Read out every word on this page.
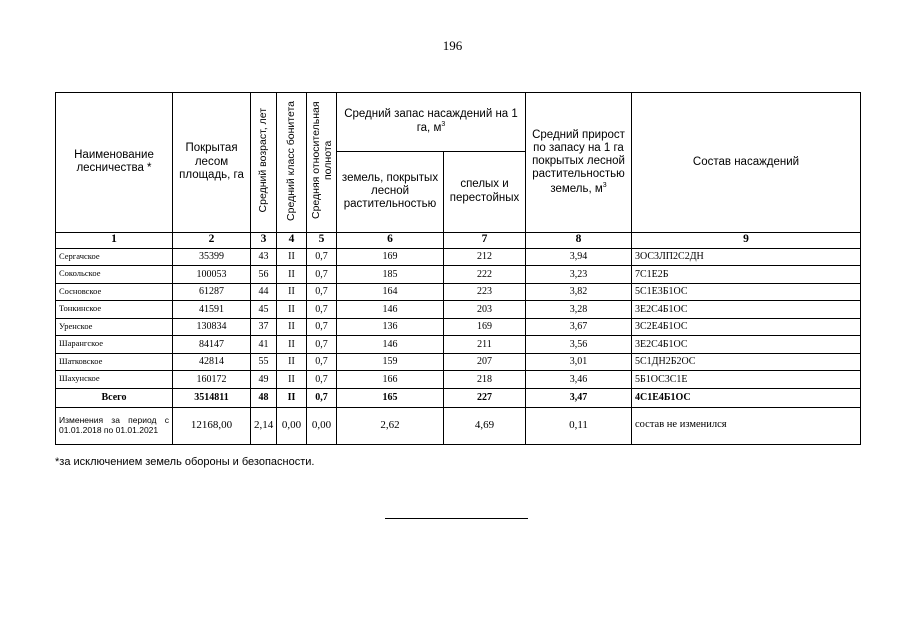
196
Наименование лесничества *	Покрытая лесом площадь, га	Средний возраст, лет	Средний класс бонитета	Средняя относительная полнота	Средний запас насаждений на 1 га, $м^3$		Средний прирост по запасу на 1 га покрытых лесной растительностью земель, $м^3$	Состав насаждений
					земель, покрытых лесной растительностью	спелых и перестойных		
1	2	3	4	5	6	7	8	9
Сергачское	35399	43	II	0,7	169	212	3,94	3ОС3ЛП2С2ДН
Сокольское	100053	56	II	0,7	185	222	3,23	7С1Е2Б
Сосновское	61287	44	II	0,7	164	223	3,82	5С1Е3Б1ОС
Тонкинское	41591	45	II	0,7	146	203	3,28	3Е2С4Б1ОС
Уренское	130834	37	II	0,7	136	169	3,67	3С2Е4Б1ОС
Шарангское	84147	41	II	0,7	146	211	3,56	3Е2С4Б1ОС
Шатковское	42814	55	II	0,7	159	207	3,01	5С1ДН2Б2ОС
Шахунское	160172	49	II	0,7	166	218	3,46	5Б1ОС3С1Е
Всего	3514811	48	II	0,7	165	227	3,47	4С1Е4Б1ОС
Изменения за период с 01.01.2018 по 01.01.2021	12168,00	2,14	0,00	0,00	2,62	4,69	0,11	состав не изменился
*за исключением земель обороны и безопасности.
